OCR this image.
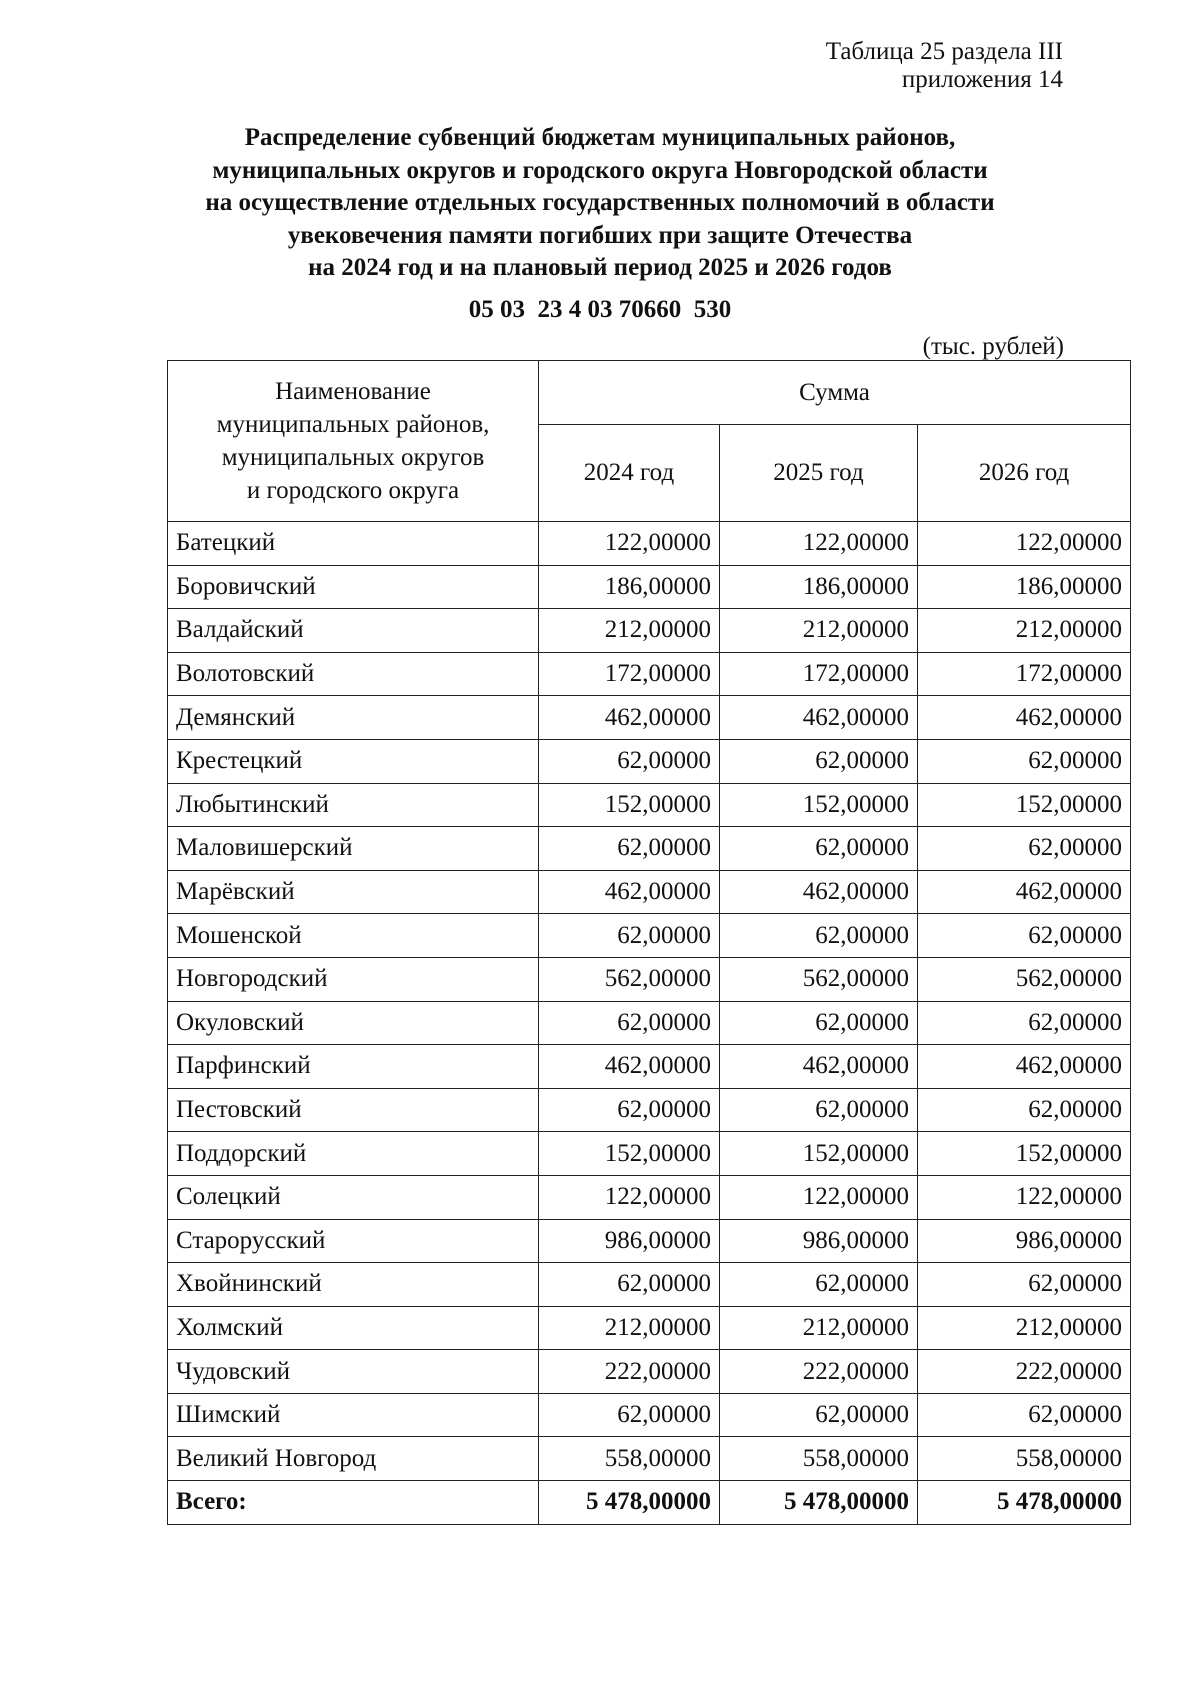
Таблица 25 раздела III
приложения 14
Распределение субвенций бюджетам муниципальных районов,
муниципальных округов и городского округа Новгородской области
на осуществление отдельных государственных полномочий в области
увековечения памяти погибших при защите Отечества
на 2024 год и на плановый период 2025 и 2026 годов
05 03  23 4 03 70660  530
(тыс. рублей)
Наименование
муниципальных районов,
муниципальных округов
и городского округа	Сумма		
	2024 год	2025 год	2026 год
Батецкий	122,00000	122,00000	122,00000
Боровичский	186,00000	186,00000	186,00000
Валдайский	212,00000	212,00000	212,00000
Волотовский	172,00000	172,00000	172,00000
Демянский	462,00000	462,00000	462,00000
Крестецкий	62,00000	62,00000	62,00000
Любытинский	152,00000	152,00000	152,00000
Маловишерский	62,00000	62,00000	62,00000
Марёвский	462,00000	462,00000	462,00000
Мошенской	62,00000	62,00000	62,00000
Новгородский	562,00000	562,00000	562,00000
Окуловский	62,00000	62,00000	62,00000
Парфинский	462,00000	462,00000	462,00000
Пестовский	62,00000	62,00000	62,00000
Поддорский	152,00000	152,00000	152,00000
Солецкий	122,00000	122,00000	122,00000
Старорусский	986,00000	986,00000	986,00000
Хвойнинский	62,00000	62,00000	62,00000
Холмский	212,00000	212,00000	212,00000
Чудовский	222,00000	222,00000	222,00000
Шимский	62,00000	62,00000	62,00000
Великий Новгород	558,00000	558,00000	558,00000
Всего:	5 478,00000	5 478,00000	5 478,00000
